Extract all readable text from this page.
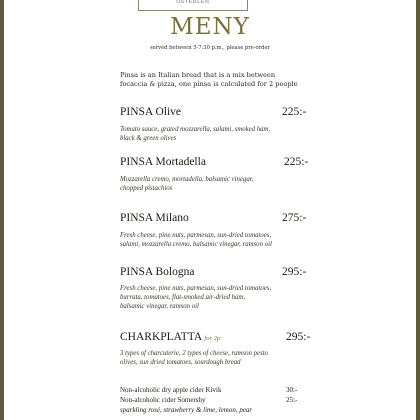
ÖSTERLEN
MENY
served between 5-7:30 p.m., please pre-order
Pinsa is an Italian bread that is a mix between
focaccia & pizza, one pinsa is calculated for 2 people
PINSA Olive	225:-
Tomato sauce, grated mozzarella, salami, smoked ham,
black & green olives
PINSA Mortadella	225:-
Mozzarella cremo, mortadella, balsamic vinegar,
chopped pistachios
PINSA Milano	275:-
Fresh cheese, pine nuts, parmesan, sun-dried tomatoes,
salami, mozzarella cremo, balsamic vinegar, ramson oil
PINSA Bologna	295:-
Fresh cheese, pine nuts, parmesan, sun-dried tomatoes,
burrata, tomatoes, flat-smoked air-dried ham,
balsamic vinegar, ramson oil
CHARKPLATTA for 2p	295:-
3 types of charcuterie, 2 types of cheese, ramson pesto
olives, sun dried tomatoes, sourdough bread
Non-alcoholic dry apple cider Kivik	30:-
Non-alcoholic cider Somersby	25:-
sparkling rosé, strawberry & lime, lemon, pear
